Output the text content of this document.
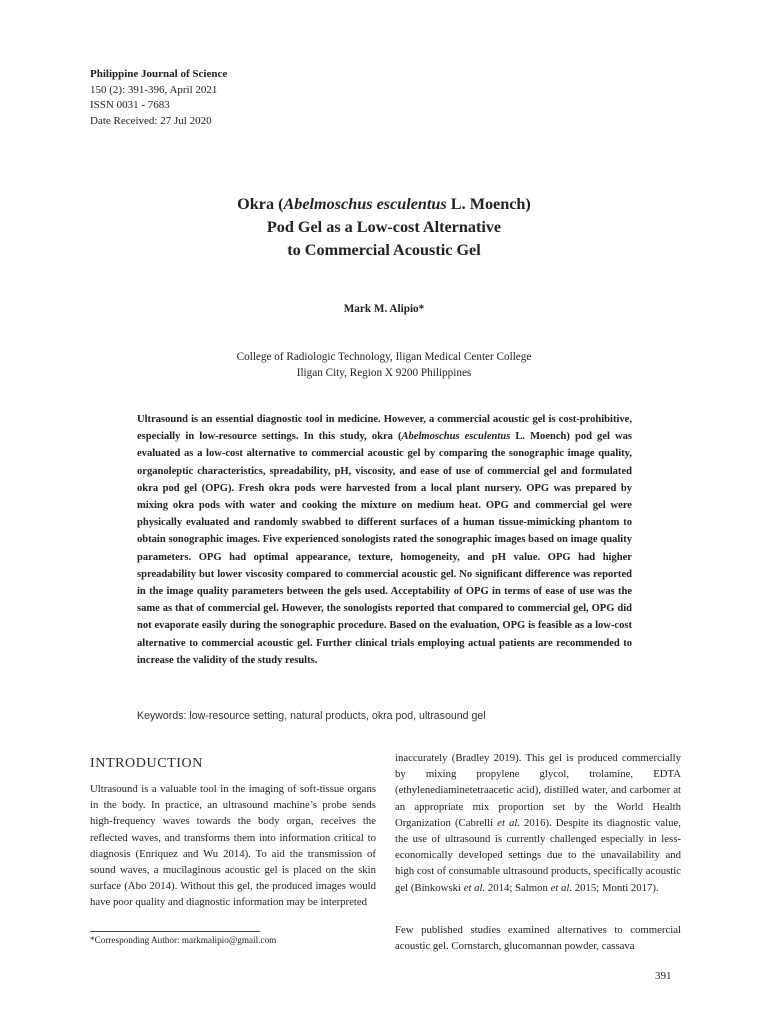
Philippine Journal of Science
150 (2): 391-396, April 2021
ISSN 0031 - 7683
Date Received: 27 Jul 2020
Okra (Abelmoschus esculentus L. Moench)
Pod Gel as a Low-cost Alternative
to Commercial Acoustic Gel
Mark M. Alipio*
College of Radiologic Technology, Iligan Medical Center College
Iligan City, Region X 9200 Philippines

Ultrasound is an essential diagnostic tool in medicine. However, a commercial acoustic gel is cost-prohibitive, especially in low-resource settings. In this study, okra (Abelmoschus esculentus L. Moench) pod gel was evaluated as a low-cost alternative to commercial acoustic gel by comparing the sonographic image quality, organoleptic characteristics, spreadability, pH, viscosity, and ease of use of commercial gel and formulated okra pod gel (OPG). Fresh okra pods were harvested from a local plant nursery. OPG was prepared by mixing okra pods with water and cooking the mixture on medium heat. OPG and commercial gel were physically evaluated and randomly swabbed to different surfaces of a human tissue-mimicking phantom to obtain sonographic images. Five experienced sonologists rated the sonographic images based on image quality parameters. OPG had optimal appearance, texture, homogeneity, and pH value. OPG had higher spreadability but lower viscosity compared to commercial acoustic gel. No significant difference was reported in the image quality parameters between the gels used. Acceptability of OPG in terms of ease of use was the same as that of commercial gel. However, the sonologists reported that compared to commercial gel, OPG did not evaporate easily during the sonographic procedure. Based on the evaluation, OPG is feasible as a low-cost alternative to commercial acoustic gel. Further clinical trials employing actual patients are recommended to increase the validity of the study results.

Keywords: low-resource setting, natural products, okra pod, ultrasound gel
INTRODUCTION

Ultrasound is a valuable tool in the imaging of soft-tissue organs in the body. In practice, an ultrasound machine’s probe sends high-frequency waves towards the body organ, receives the reflected waves, and transforms them into information critical to diagnosis (Enriquez and Wu 2014). To aid the transmission of sound waves, a mucilaginous acoustic gel is placed on the skin surface (Abo 2014). Without this gel, the produced images would have poor quality and diagnostic information may be interpreted

inaccurately (Bradley 2019). This gel is produced commercially by mixing propylene glycol, trolamine, EDTA (ethylenediaminetetraacetic acid), distilled water, and carbomer at an appropriate mix proportion set by the World Health Organization (Cabrelli et al. 2016). Despite its diagnostic value, the use of ultrasound is currently challenged especially in less-economically developed settings due to the unavailability and high cost of consumable ultrasound products, specifically acoustic gel (Binkowski et al. 2014; Salmon et al. 2015; Monti 2017).

Few published studies examined alternatives to commercial acoustic gel. Cornstarch, glucomannan powder, cassava

*Corresponding Author: markmalipio@gmail.com
391
